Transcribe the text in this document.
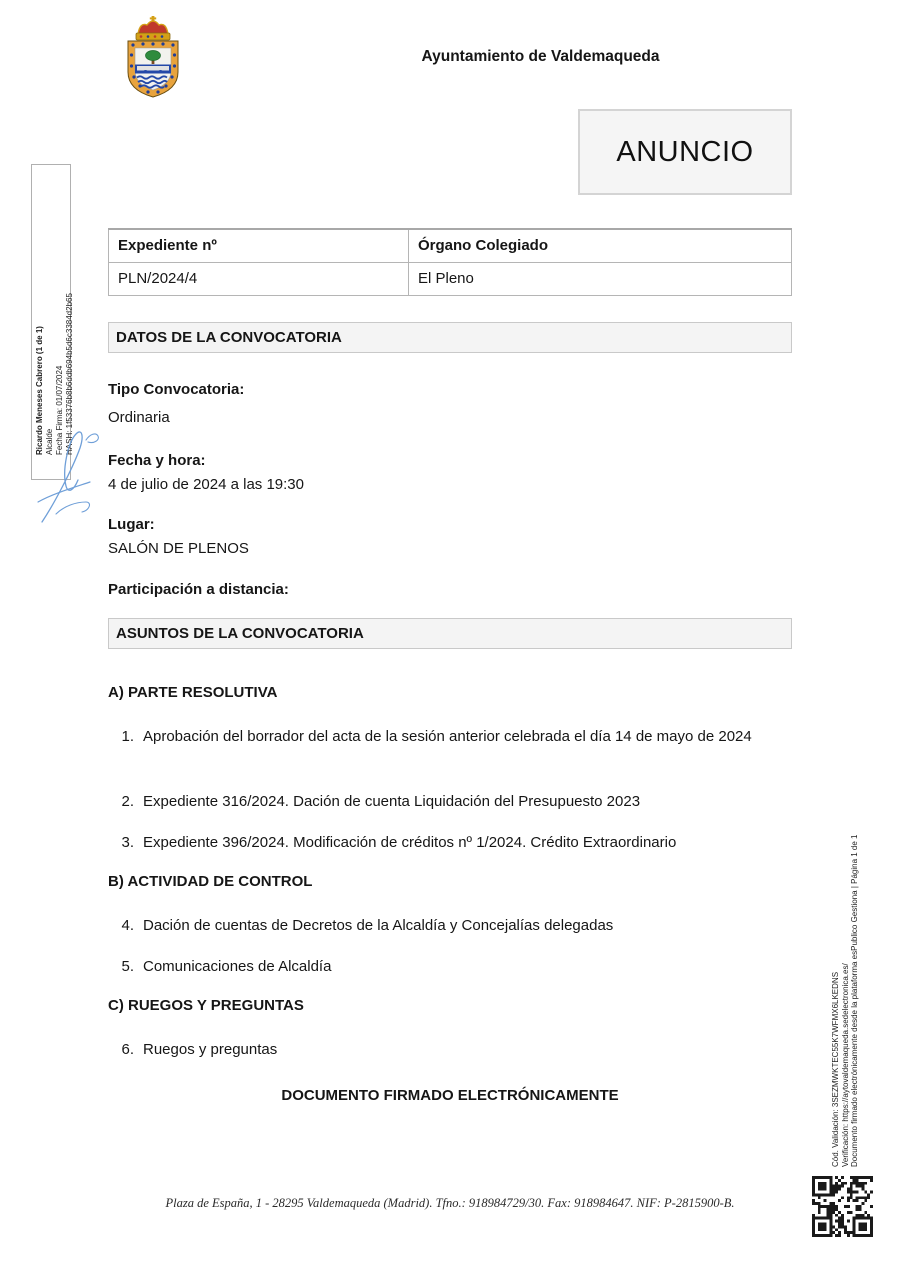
Ayuntamiento de Valdemaqueda
ANUNCIO
Expediente nº	Órgano Colegiado
PLN/2024/4	El Pleno
DATOS DE LA CONVOCATORIA
Tipo Convocatoria:
Ordinaria
Fecha y hora:
4 de julio de 2024 a las 19:30
Lugar:
SALÓN DE PLENOS
Participación a distancia:
ASUNTOS DE LA CONVOCATORIA
A) PARTE RESOLUTIVA
1. Aprobación del borrador del acta de la sesión anterior celebrada el día 14 de mayo de 2024
2. Expediente 316/2024. Dación de cuenta Liquidación del Presupuesto 2023
3. Expediente 396/2024. Modificación de créditos nº 1/2024. Crédito Extraordinario
B) ACTIVIDAD DE CONTROL
4. Dación de cuentas de Decretos de la Alcaldía y Concejalías delegadas
5. Comunicaciones de Alcaldía
C) RUEGOS Y PREGUNTAS
6. Ruegos y preguntas
DOCUMENTO FIRMADO ELECTRÓNICAMENTE
Plaza de España, 1 - 28295 Valdemaqueda (Madrid). Tfno.: 918984729/30. Fax: 918984647. NIF: P-2815900-B.
Ricardo Meneses Cabrero (1 de 1) Alcalde Fecha Firma: 01/07/2024 HASH: 1f53376b8b6ddb694b5d6c3384d2b65
Cód. Validación: 3SEZMWKTEC55K7WFMX6LKEDNS Verificación: https://aytovaldemaqueda.sedelectronica.es/ Documento firmado electrónicamente desde la plataforma esPublico Gestiona | Página 1 de 1
